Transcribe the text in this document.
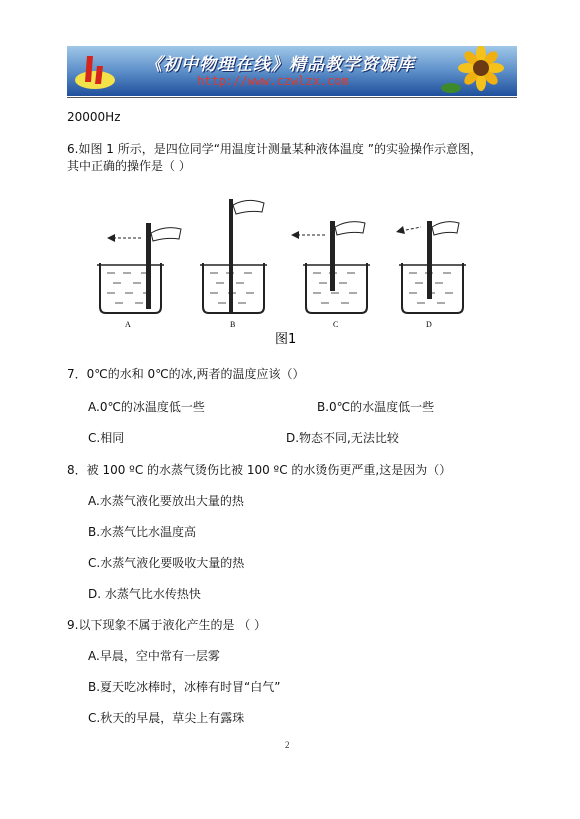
《初中物理在线》精品教学资源库
http://www.czwlzx.com
20000Hz
6.如图 1 所示，是四位同学“用温度计测量某种液体温度 ”的实验操作示意图，
其中正确的操作是（ ）
A	B	C	D
图1
7．0℃的水和 0℃的冰,两者的温度应该（）
A.0℃的冰温度低一些	B.0℃的水温度低一些
C.相同	D.物态不同,无法比较
8．被 100 ºC 的水蒸气烫伤比被 100 ºC 的水烫伤更严重,这是因为（）
A.水蒸气液化要放出大量的热
B.水蒸气比水温度高
C.水蒸气液化要吸收大量的热
D. 水蒸气比水传热快
9.以下现象不属于液化产生的是 （ ）
A.早晨，空中常有一层雾
B.夏天吃冰棒时，冰棒有时冒“白气”
C.秋天的早晨，草尖上有露珠
2
